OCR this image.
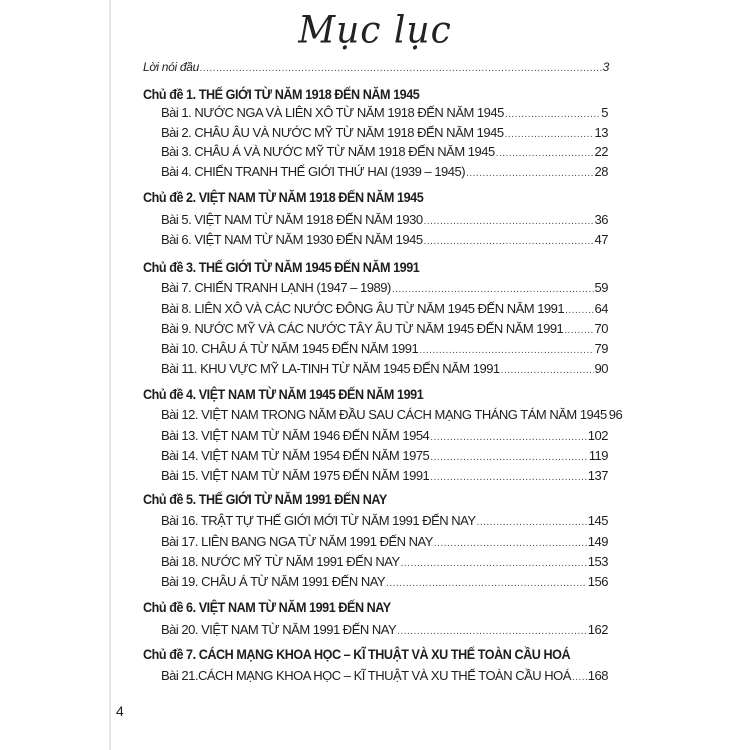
Mục lục
Lời nói đầu .....	3
Chủ đề 1. THẾ GIỚI TỪ NĂM 1918 ĐẾN NĂM 1945
Bài 1. NƯỚC NGA VÀ LIÊN XÔ TỪ NĂM 1918 ĐẾN NĂM 1945 .....	5
Bài 2. CHÂU ÂU VÀ NƯỚC MỸ TỪ NĂM 1918 ĐẾN NĂM 1945 .....	13
Bài 3. CHÂU Á VÀ NƯỚC MỸ TỪ NĂM 1918 ĐẾN NĂM 1945 .....	22
Bài 4. CHIẾN TRANH THẾ GIỚI THỨ HAI (1939 – 1945) .....	28
Chủ đề 2. VIỆT NAM TỪ NĂM 1918 ĐẾN NĂM 1945
Bài 5. VIỆT NAM TỪ NĂM 1918 ĐẾN NĂM 1930 .....	36
Bài 6. VIỆT NAM TỪ NĂM 1930 ĐẾN NĂM 1945 .....	47
Chủ đề 3. THẾ GIỚI TỪ NĂM 1945 ĐẾN NĂM 1991
Bài 7. CHIẾN TRANH LẠNH (1947 – 1989) .....	59
Bài 8. LIÊN XÔ VÀ CÁC NƯỚC ĐÔNG ÂU TỪ NĂM 1945 ĐẾN NĂM 1991 ..... 64
Bài 9. NƯỚC MỸ VÀ CÁC NƯỚC TÂY ÂU TỪ NĂM 1945 ĐẾN NĂM 1991 ..... 70
Bài 10. CHÂU Á TỪ NĂM 1945 ĐẾN NĂM 1991 .....	79
Bài 11. KHU VỰC MỸ LA-TINH TỪ NĂM 1945 ĐẾN NĂM 1991 .....	90
Chủ đề 4. VIỆT NAM TỪ NĂM 1945 ĐẾN NĂM 1991
Bài 12. VIỆT NAM TRONG NĂM ĐẦU SAU CÁCH MẠNG THÁNG TÁM NĂM 1945 96
Bài 13. VIỆT NAM TỪ NĂM 1946 ĐẾN NĂM 1954 .....	102
Bài 14. VIỆT NAM TỪ NĂM 1954 ĐẾN NĂM 1975 .....	119
Bài 15. VIỆT NAM TỪ NĂM 1975 ĐẾN NĂM 1991 .....	137
Chủ đề 5. THẾ GIỚI TỪ NĂM 1991 ĐẾN NAY
Bài 16. TRẬT TỰ THẾ GIỚI MỚI TỪ NĂM 1991 ĐẾN NAY .....	145
Bài 17. LIÊN BANG NGA TỪ NĂM 1991 ĐẾN NAY .....	149
Bài 18. NƯỚC MỸ TỪ NĂM 1991 ĐẾN NAY .....	153
Bài 19. CHÂU Á TỪ NĂM 1991 ĐẾN NAY .....	156
Chủ đề 6. VIỆT NAM TỪ NĂM 1991 ĐẾN NAY
Bài 20. VIỆT NAM TỪ NĂM 1991 ĐẾN NAY .....	162
Chủ đề 7. CÁCH MẠNG KHOA HỌC – KĨ THUẬT VÀ XU THẾ TOÀN CẦU HOÁ
Bài 21.CÁCH MẠNG KHOA HỌC – KĨ THUẬT VÀ XU THẾ TOÀN CẦU HOÁ ..... 168
4
